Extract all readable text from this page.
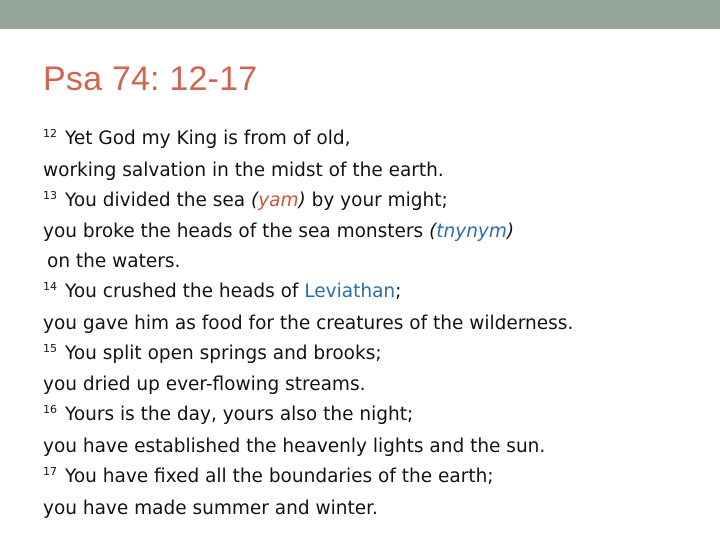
Psa 74: 12-17
$^{12}$ Yet God my King is from of old,
working salvation in the midst of the earth.
$^{13}$ You divided the sea (yam) by your might;
you broke the heads of the sea monsters (tnynym)
on the waters.
$^{14}$ You crushed the heads of Leviathan;
you gave him as food for the creatures of the wilderness.
$^{15}$ You split open springs and brooks;
you dried up ever-flowing streams.
$^{16}$ Yours is the day, yours also the night;
you have established the heavenly lights and the sun.
$^{17}$ You have fixed all the boundaries of the earth;
you have made summer and winter.
